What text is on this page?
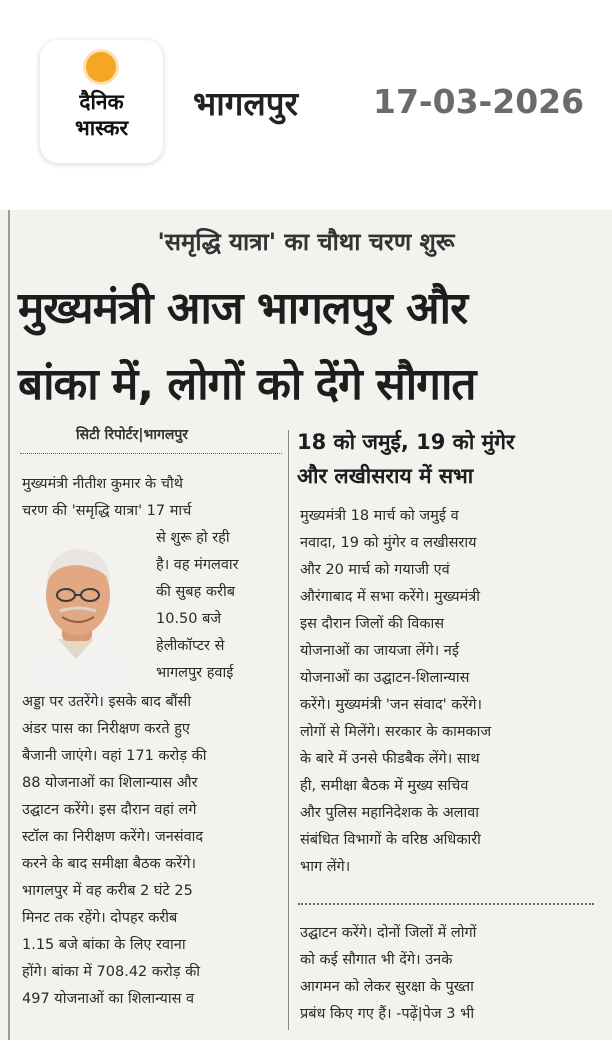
दैनिक
भास्कर
भागलपुर 17-03-2026
'समृद्धि यात्रा' का चौथा चरण शुरू
मुख्यमंत्री आज भागलपुर और
बांका में, लोगों को देंगे सौगात
सिटी रिपोर्टर|भागलपुर	18 को जमुई, 19 को मुंगेर
और लखीसराय में सभा
मुख्यमंत्री नीतीश कुमार के चौथे
चरण की 'समृद्धि यात्रा' 17 मार्च
से शुरू हो रही
है। वह मंगलवार
की सुबह करीब
10.50 बजे
हेलीकॉप्टर से
भागलपुर हवाई
अड्डा पर उतरेंगे। इसके बाद बौंसी
अंडर पास का निरीक्षण करते हुए
बैजानी जाएंगे। वहां 171 करोड़ की
88 योजनाओं का शिलान्यास और
उद्घाटन करेंगे। इस दौरान वहां लगे
स्टॉल का निरीक्षण करेंगे। जनसंवाद
करने के बाद समीक्षा बैठक करेंगे।
भागलपुर में वह करीब 2 घंटे 25
मिनट तक रहेंगे। दोपहर करीब
1.15 बजे बांका के लिए रवाना
होंगे। बांका में 708.42 करोड़ की
497 योजनाओं का शिलान्यास व
मुख्यमंत्री 18 मार्च को जमुई व
नवादा, 19 को मुंगेर व लखीसराय
और 20 मार्च को गयाजी एवं
औरंगाबाद में सभा करेंगे। मुख्यमंत्री
इस दौरान जिलों की विकास
योजनाओं का जायजा लेंगे। नई
योजनाओं का उद्घाटन-शिलान्यास
करेंगे। मुख्यमंत्री 'जन संवाद' करेंगे।
लोगों से मिलेंगे। सरकार के कामकाज
के बारे में उनसे फीडबैक लेंगे। साथ
ही, समीक्षा बैठक में मुख्य सचिव
और पुलिस महानिदेशक के अलावा
संबंधित विभागों के वरिष्ठ अधिकारी
भाग लेंगे।
उद्घाटन करेंगे। दोनों जिलों में लोगों
को कई सौगात भी देंगे। उनके
आगमन को लेकर सुरक्षा के पुख्ता
प्रबंध किए गए हैं। -पढ़ें|पेज 3 भी
